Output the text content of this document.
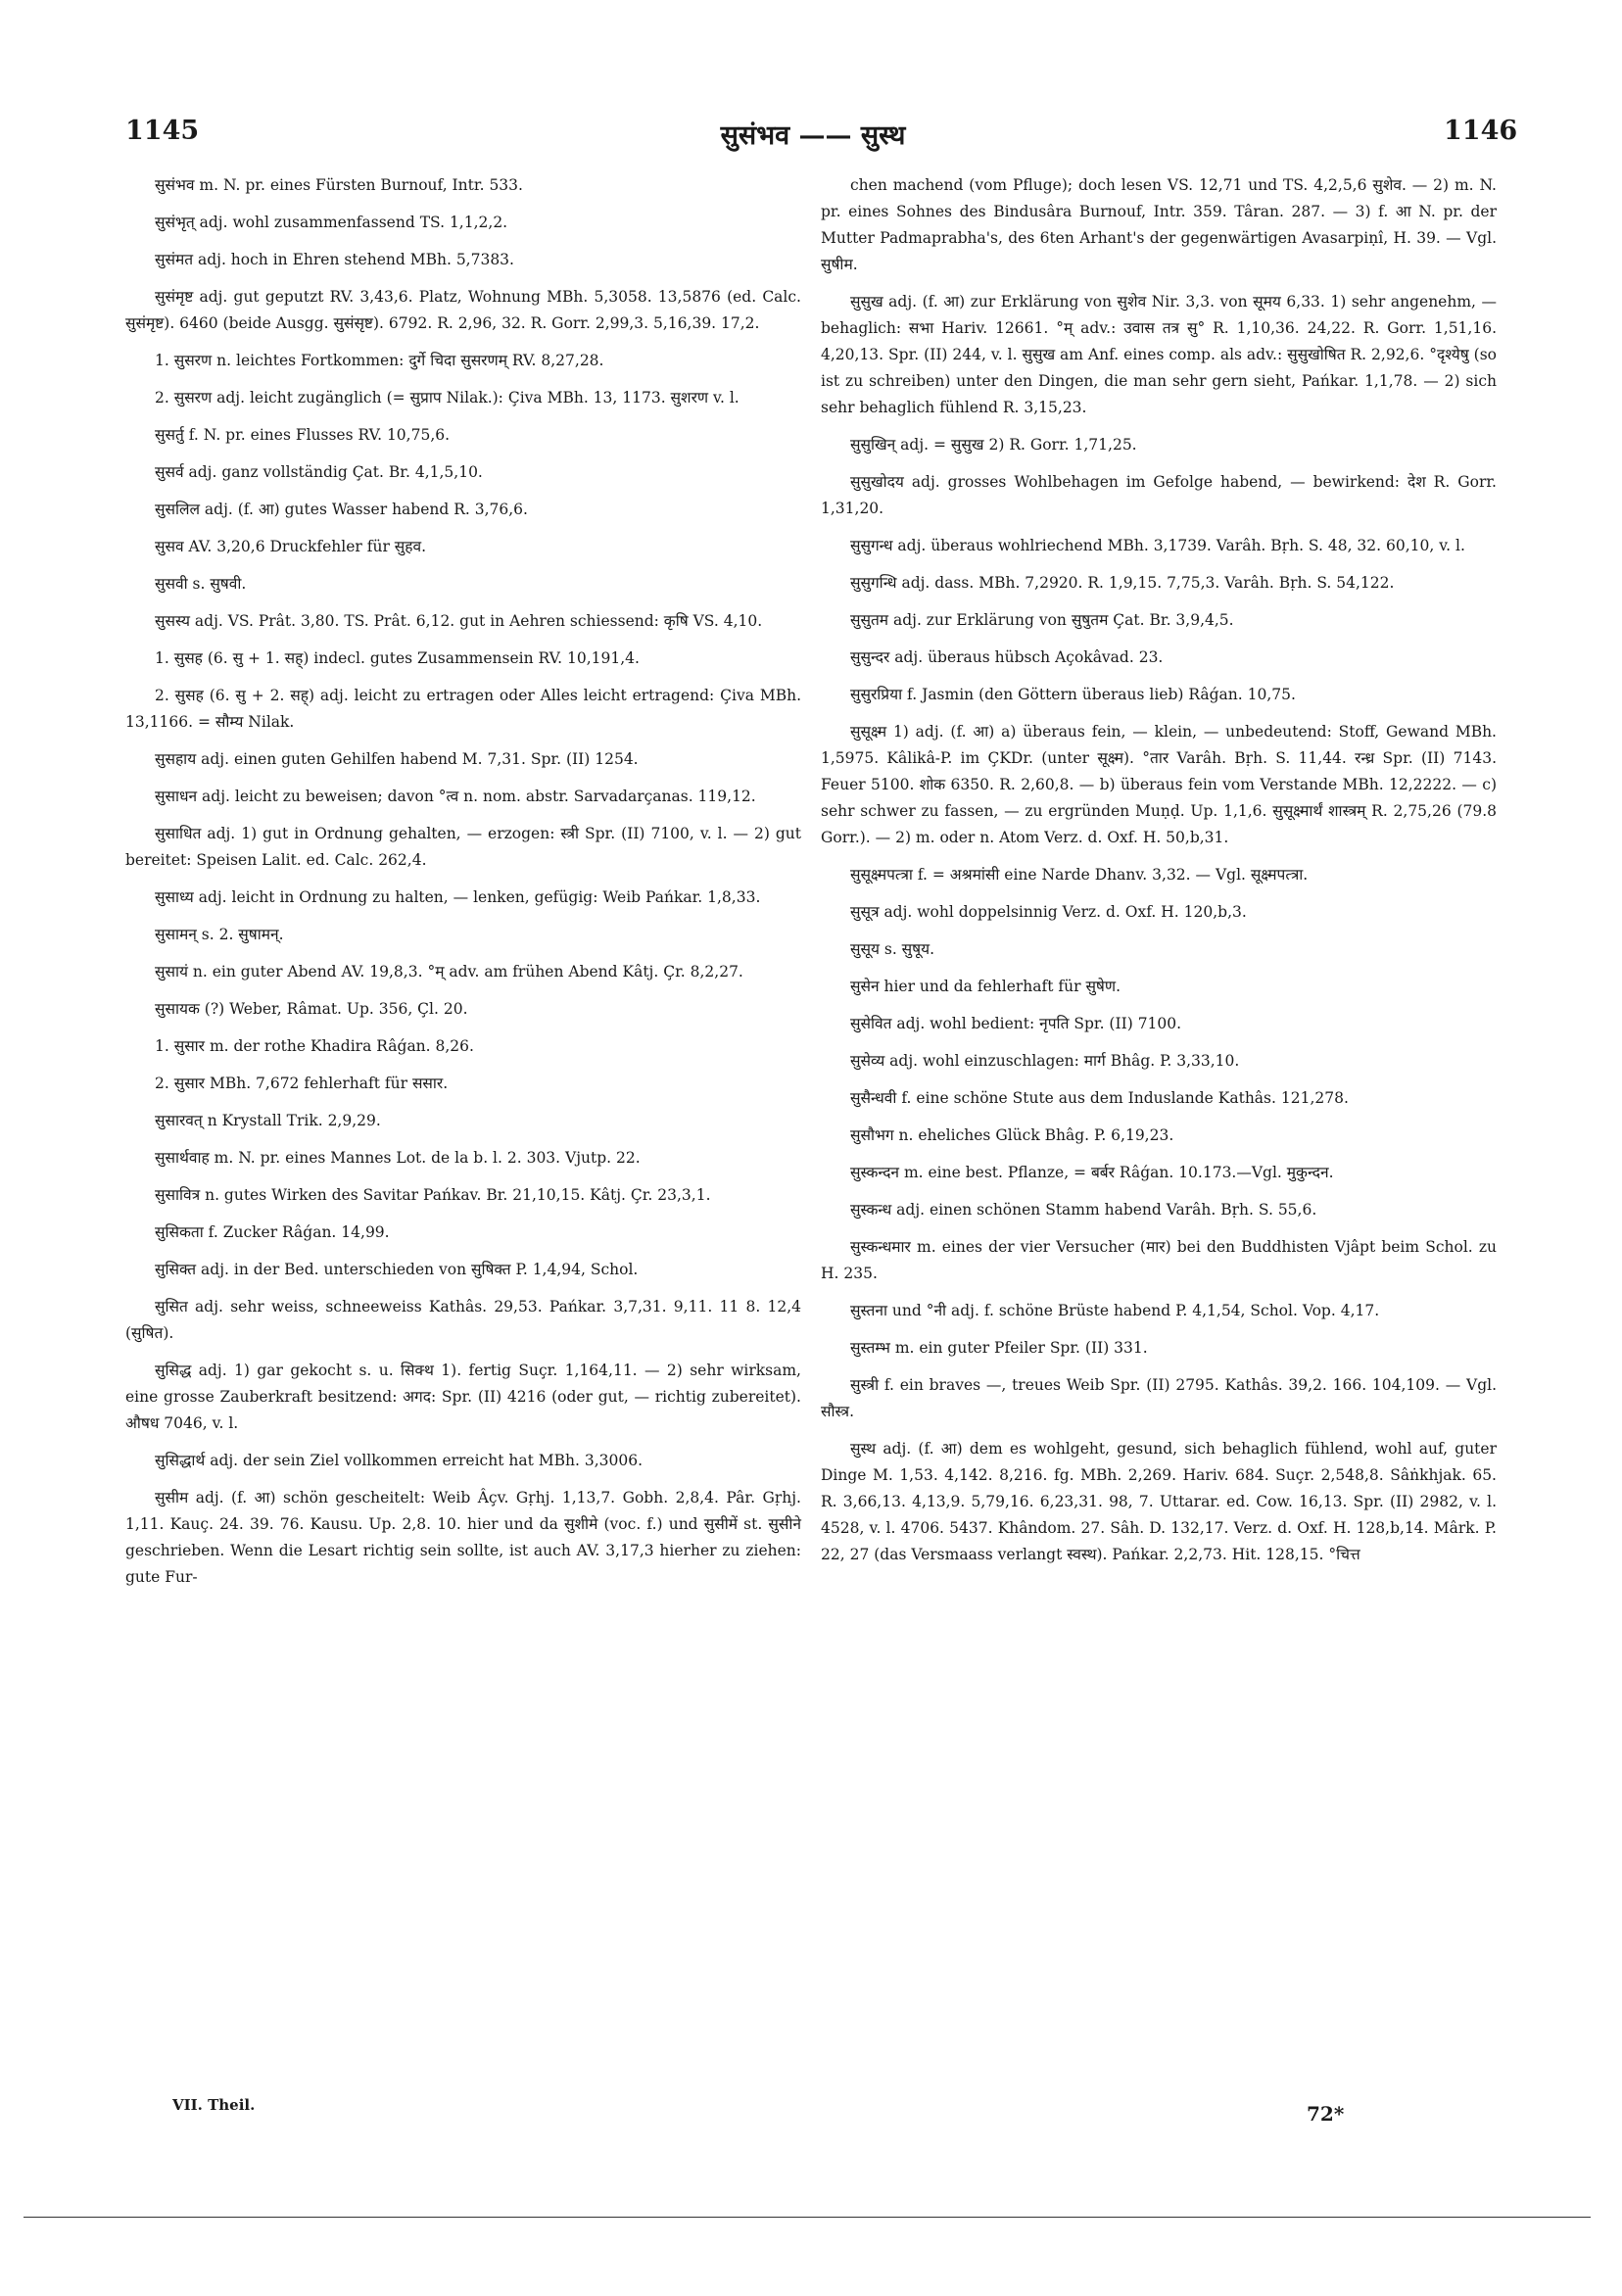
1145	सुसंभव —— सुस्थ	1146

सुसंभव m. N. pr. eines Fürsten Burnouf, Intr. 533.

सुसंभृत् adj. wohl zusammenfassend TS. 1,1,2,2.

सुसंमत adj. hoch in Ehren stehend MBh. 5,7383.

सुसंमृष्ट adj. gut geputzt RV. 3,43,6. Platz, Wohnung MBh. 5,3058. 13,5876 (ed. Calc. सुसंमृष्ट). 6460 (beide Ausgg. सुसंसृष्ट). 6792. R. 2,96, 32. R. Gorr. 2,99,3. 5,16,39. 17,2.

1. सुसरण n. leichtes Fortkommen: दुर्गे चिदा सुसरणम् RV. 8,27,28.

2. सुसरण adj. leicht zugänglich (= सुप्राप Nilak.): Çiva MBh. 13, 1173. सुशरण v. l.

सुसर्तु f. N. pr. eines Flusses RV. 10,75,6.

सुसर्व adj. ganz vollständig Çat. Br. 4,1,5,10.

सुसलिल adj. (f. आ) gutes Wasser habend R. 3,76,6.

सुसव AV. 3,20,6 Druckfehler für सुहव.

सुसवी s. सुषवी.

सुसस्य adj. VS. Prât. 3,80. TS. Prât. 6,12. gut in Aehren schiessend: कृषि VS. 4,10.

1. सुसह (6. सु + 1. सह्) indecl. gutes Zusammensein RV. 10,191,4.

2. सुसह (6. सु + 2. सह्) adj. leicht zu ertragen oder Alles leicht ertragend: Çiva MBh. 13,1166. = सौम्य Nilak.

सुसहाय adj. einen guten Gehilfen habend M. 7,31. Spr. (II) 1254.

सुसाधन adj. leicht zu beweisen; davon °त्व n. nom. abstr. Sarvadarçanas. 119,12.

सुसाधित adj. 1) gut in Ordnung gehalten, — erzogen: स्त्री Spr. (II) 7100, v. l. — 2) gut bereitet: Speisen Lalit. ed. Calc. 262,4.

सुसाध्य adj. leicht in Ordnung zu halten, — lenken, gefügig: Weib Pańkar. 1,8,33.

सुसामन् s. 2. सुषामन्.

सुसायं n. ein guter Abend AV. 19,8,3. °म् adv. am frühen Abend Kâtj. Çr. 8,2,27.

सुसायक (?) Weber, Râmat. Up. 356, Çl. 20.

1. सुसार m. der rothe Khadira Râǵan. 8,26.

2. सुसार MBh. 7,672 fehlerhaft für ससार.

सुसारवत् n Krystall Trik. 2,9,29.

सुसार्थवाह m. N. pr. eines Mannes Lot. de la b. l. 2. 303. Vjutp. 22.

सुसावित्र n. gutes Wirken des Savitar Pańkav. Br. 21,10,15. Kâtj. Çr. 23,3,1.

सुसिकता f. Zucker Râǵan. 14,99.

सुसिक्त adj. in der Bed. unterschieden von सुषिक्त P. 1,4,94, Schol.

सुसित adj. sehr weiss, schneeweiss Kathâs. 29,53. Pańkar. 3,7,31. 9,11. 11 8. 12,4 (सुषित).

सुसिद्ध adj. 1) gar gekocht s. u. सिक्थ 1). fertig Suçr. 1,164,11. — 2) sehr wirksam, eine grosse Zauberkraft besitzend: अगद: Spr. (II) 4216 (oder gut, — richtig zubereitet). औषध 7046, v. l.

सुसिद्धार्थ adj. der sein Ziel vollkommen erreicht hat MBh. 3,3006.

सुसीम adj. (f. आ) schön gescheitelt: Weib Âçv. Gṛhj. 1,13,7. Gobh. 2,8,4. Pâr. Gṛhj. 1,11. Kauç. 24. 39. 76. Kausu. Up. 2,8. 10. hier und da सुशीमे (voc. f.) und सुसीमें st. सुसीने geschrieben. Wenn die Lesart richtig sein sollte, ist auch AV. 3,17,3 hierher zu ziehen: gute Fur-

chen machend (vom Pfluge); doch lesen VS. 12,71 und TS. 4,2,5,6 सुशेव. — 2) m. N. pr. eines Sohnes des Bindusâra Burnouf, Intr. 359. Târan. 287. — 3) f. आ N. pr. der Mutter Padmaprabha's, des 6ten Arhant's der gegenwärtigen Avasarpiṇî, H. 39. — Vgl. सुषीम.

सुसुख adj. (f. आ) zur Erklärung von सुशेव Nir. 3,3. von सूमय 6,33. 1) sehr angenehm, — behaglich: सभा Hariv. 12661. °म् adv.: उवास तत्र सु° R. 1,10,36. 24,22. R. Gorr. 1,51,16. 4,20,13. Spr. (II) 244, v. l. सुसुख am Anf. eines comp. als adv.: सुसुखोषित R. 2,92,6. °दृश्येषु (so ist zu schreiben) unter den Dingen, die man sehr gern sieht, Pańkar. 1,1,78. — 2) sich sehr behaglich fühlend R. 3,15,23.

सुसुखिन् adj. = सुसुख 2) R. Gorr. 1,71,25.

सुसुखोदय adj. grosses Wohlbehagen im Gefolge habend, — bewirkend: देश R. Gorr. 1,31,20.

सुसुगन्ध adj. überaus wohlriechend MBh. 3,1739. Varâh. Bṛh. S. 48, 32. 60,10, v. l.

सुसुगन्धि adj. dass. MBh. 7,2920. R. 1,9,15. 7,75,3. Varâh. Bṛh. S. 54,122.

सुसुतम adj. zur Erklärung von सुषुतम Çat. Br. 3,9,4,5.

सुसुन्दर adj. überaus hübsch Açokâvad. 23.

सुसुरप्रिया f. Jasmin (den Göttern überaus lieb) Râǵan. 10,75.

सुसूक्ष्म 1) adj. (f. आ) a) überaus fein, — klein, — unbedeutend: Stoff, Gewand MBh. 1,5975. Kâlikâ-P. im ÇKDr. (unter सूक्ष्म). °तार Varâh. Bṛh. S. 11,44. रन्ध्र Spr. (II) 7143. Feuer 5100. शोक 6350. R. 2,60,8. — b) überaus fein vom Verstande MBh. 12,2222. — c) sehr schwer zu fassen, — zu ergründen Muṇḍ. Up. 1,1,6. सुसूक्ष्मार्थं शास्त्रम् R. 2,75,26 (79.8 Gorr.). — 2) m. oder n. Atom Verz. d. Oxf. H. 50,b,31.

सुसूक्ष्मपत्त्रा f. = अश्रमांसी eine Narde Dhanv. 3,32. — Vgl. सूक्ष्मपत्त्रा.

सुसूत्र adj. wohl doppelsinnig Verz. d. Oxf. H. 120,b,3.

सुसूय s. सुषूय.

सुसेन hier und da fehlerhaft für सुषेण.

सुसेवित adj. wohl bedient: नृपति Spr. (II) 7100.

सुसेव्य adj. wohl einzuschlagen: मार्ग Bhâg. P. 3,33,10.

सुसैन्धवी f. eine schöne Stute aus dem Induslande Kathâs. 121,278.

सुसौभग n. eheliches Glück Bhâg. P. 6,19,23.

सुस्कन्दन m. eine best. Pflanze, = बर्बर Râǵan. 10.173.—Vgl. मुकुन्दन.

सुस्कन्ध adj. einen schönen Stamm habend Varâh. Bṛh. S. 55,6.

सुस्कन्धमार m. eines der vier Versucher (मार) bei den Buddhisten Vjâpt beim Schol. zu H. 235.

सुस्तना und °नी adj. f. schöne Brüste habend P. 4,1,54, Schol. Vop. 4,17.

सुस्तम्भ m. ein guter Pfeiler Spr. (II) 331.

सुस्त्री f. ein braves —, treues Weib Spr. (II) 2795. Kathâs. 39,2. 166. 104,109. — Vgl. सौस्त्र.

सुस्थ adj. (f. आ) dem es wohlgeht, gesund, sich behaglich fühlend, wohl auf, guter Dinge M. 1,53. 4,142. 8,216. fg. MBh. 2,269. Hariv. 684. Suçr. 2,548,8. Sâṅkhjak. 65. R. 3,66,13. 4,13,9. 5,79,16. 6,23,31. 98, 7. Uttarar. ed. Cow. 16,13. Spr. (II) 2982, v. l. 4528, v. l. 4706. 5437. Khândom. 27. Sâh. D. 132,17. Verz. d. Oxf. H. 128,b,14. Mârk. P. 22, 27 (das Versmaass verlangt स्वस्थ). Pańkar. 2,2,73. Hit. 128,15. °चित्त

VII. Theil.	72*
